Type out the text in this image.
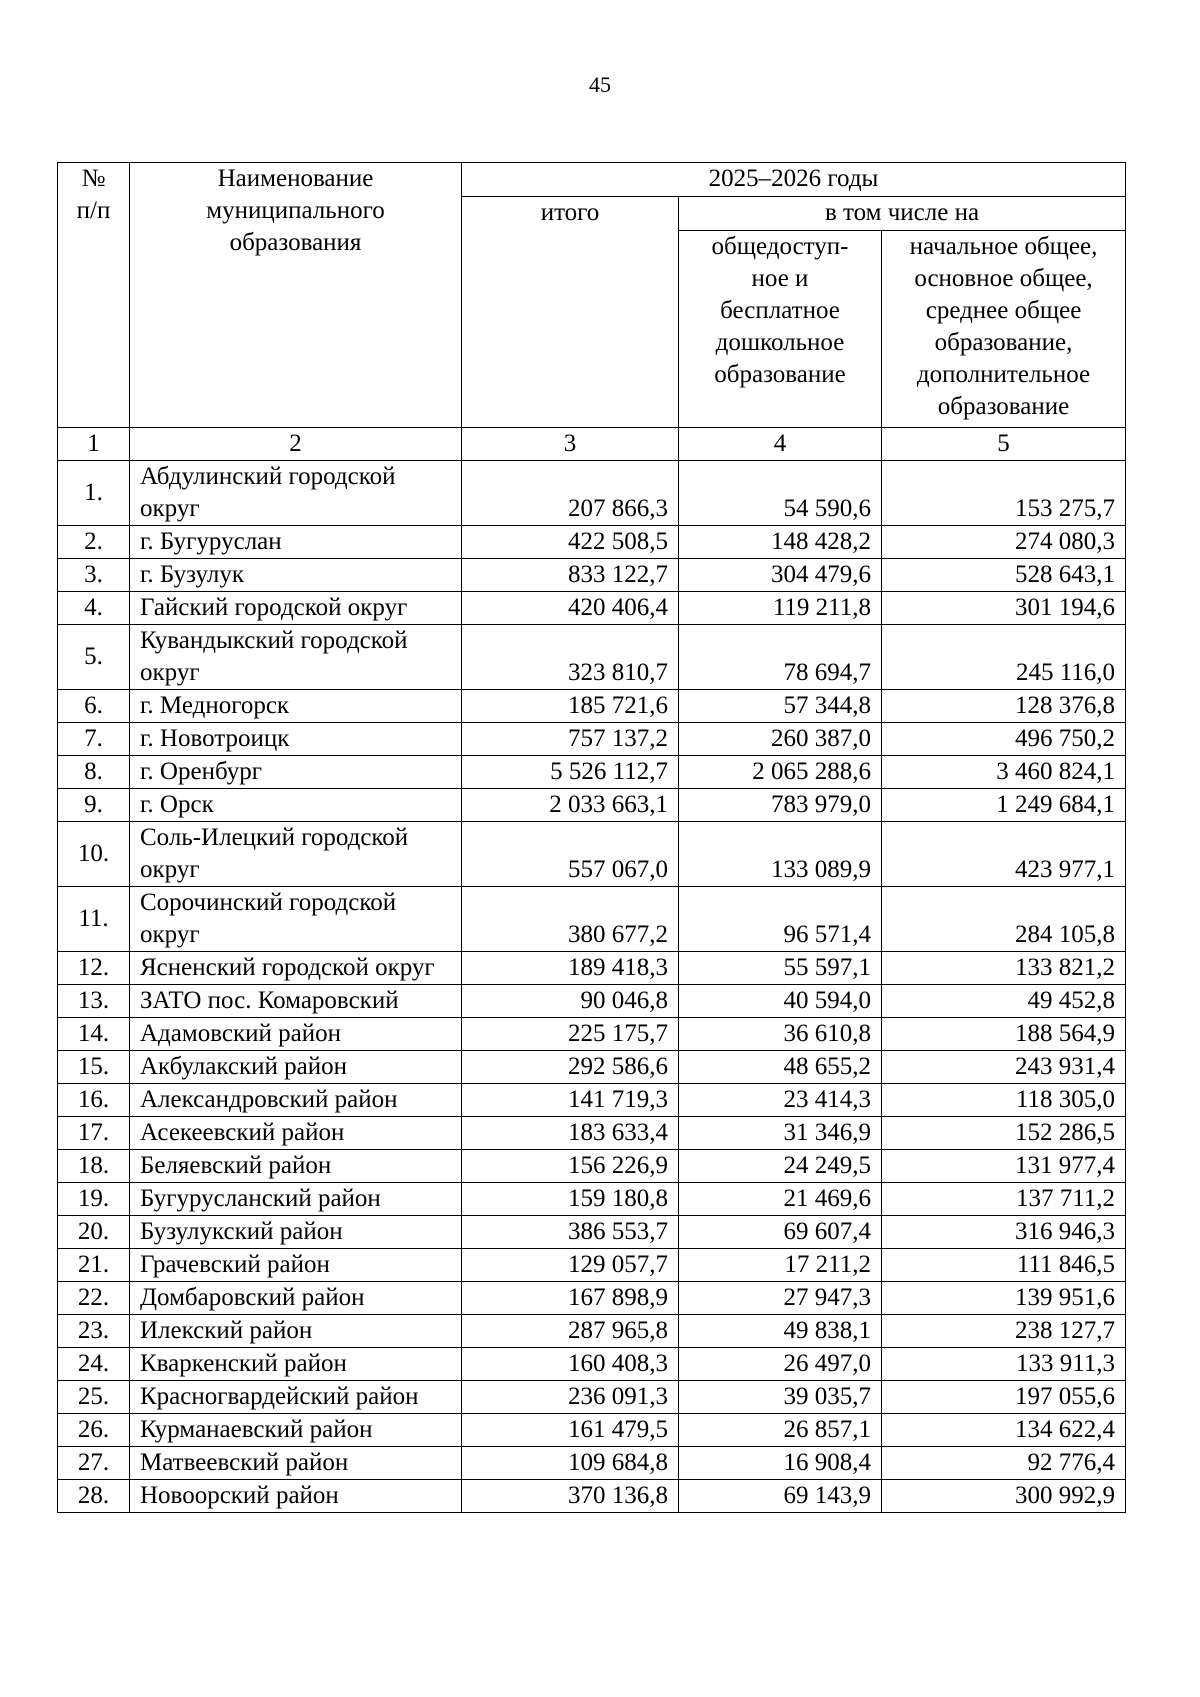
45
№
п/п	Наименование муниципального образования	2025–2026 годы		
		итого	в том числе на	
			общедоступ-ное и бесплатное дошкольное образование	начальное общее, основное общее, среднее общее образование, дополнительное образование
1	2	3	4	5
1.	Абдулинский городской округ	207 866,3	54 590,6	153 275,7
2.	г. Бугуруслан	422 508,5	148 428,2	274 080,3
3.	г. Бузулук	833 122,7	304 479,6	528 643,1
4.	Гайский городской округ	420 406,4	119 211,8	301 194,6
5.	Кувандыкский городской округ	323 810,7	78 694,7	245 116,0
6.	г. Медногорск	185 721,6	57 344,8	128 376,8
7.	г. Новотроицк	757 137,2	260 387,0	496 750,2
8.	г. Оренбург	5 526 112,7	2 065 288,6	3 460 824,1
9.	г. Орск	2 033 663,1	783 979,0	1 249 684,1
10.	Соль-Илецкий городской округ	557 067,0	133 089,9	423 977,1
11.	Сорочинский городской округ	380 677,2	96 571,4	284 105,8
12.	Ясненский городской округ	189 418,3	55 597,1	133 821,2
13.	ЗАТО пос. Комаровский	90 046,8	40 594,0	49 452,8
14.	Адамовский район	225 175,7	36 610,8	188 564,9
15.	Акбулакский район	292 586,6	48 655,2	243 931,4
16.	Александровский район	141 719,3	23 414,3	118 305,0
17.	Асекеевский район	183 633,4	31 346,9	152 286,5
18.	Беляевский район	156 226,9	24 249,5	131 977,4
19.	Бугурусланский район	159 180,8	21 469,6	137 711,2
20.	Бузулукский район	386 553,7	69 607,4	316 946,3
21.	Грачевский район	129 057,7	17 211,2	111 846,5
22.	Домбаровский район	167 898,9	27 947,3	139 951,6
23.	Илекский район	287 965,8	49 838,1	238 127,7
24.	Кваркенский район	160 408,3	26 497,0	133 911,3
25.	Красногвардейский район	236 091,3	39 035,7	197 055,6
26.	Курманаевский район	161 479,5	26 857,1	134 622,4
27.	Матвеевский район	109 684,8	16 908,4	92 776,4
28.	Новоорский район	370 136,8	69 143,9	300 992,9
